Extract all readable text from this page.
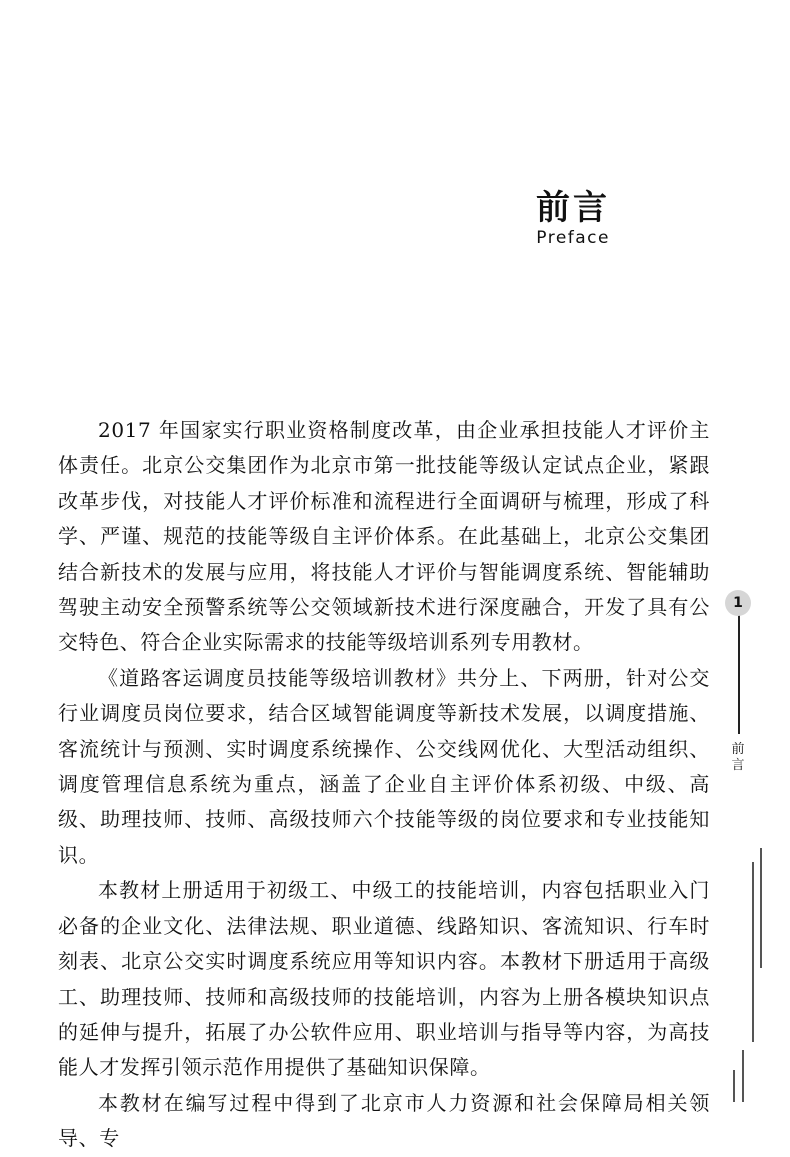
前言
Preface

2017 年国家实行职业资格制度改革，由企业承担技能人才评价主体责任。北京公交集团作为北京市第一批技能等级认定试点企业，紧跟改革步伐，对技能人才评价标准和流程进行全面调研与梳理，形成了科学、严谨、规范的技能等级自主评价体系。在此基础上，北京公交集团结合新技术的发展与应用，将技能人才评价与智能调度系统、智能辅助驾驶主动安全预警系统等公交领域新技术进行深度融合，开发了具有公交特色、符合企业实际需求的技能等级培训系列专用教材。

《道路客运调度员技能等级培训教材》共分上、下两册，针对公交行业调度员岗位要求，结合区域智能调度等新技术发展，以调度措施、客流统计与预测、实时调度系统操作、公交线网优化、大型活动组织、调度管理信息系统为重点，涵盖了企业自主评价体系初级、中级、高级、助理技师、技师、高级技师六个技能等级的岗位要求和专业技能知识。

本教材上册适用于初级工、中级工的技能培训，内容包括职业入门必备的企业文化、法律法规、职业道德、线路知识、客流知识、行车时刻表、北京公交实时调度系统应用等知识内容。本教材下册适用于高级工、助理技师、技师和高级技师的技能培训，内容为上册各模块知识点的延伸与提升，拓展了办公软件应用、职业培训与指导等内容，为高技能人才发挥引领示范作用提供了基础知识保障。

本教材在编写过程中得到了北京市人力资源和社会保障局相关领导、专

1
前言
